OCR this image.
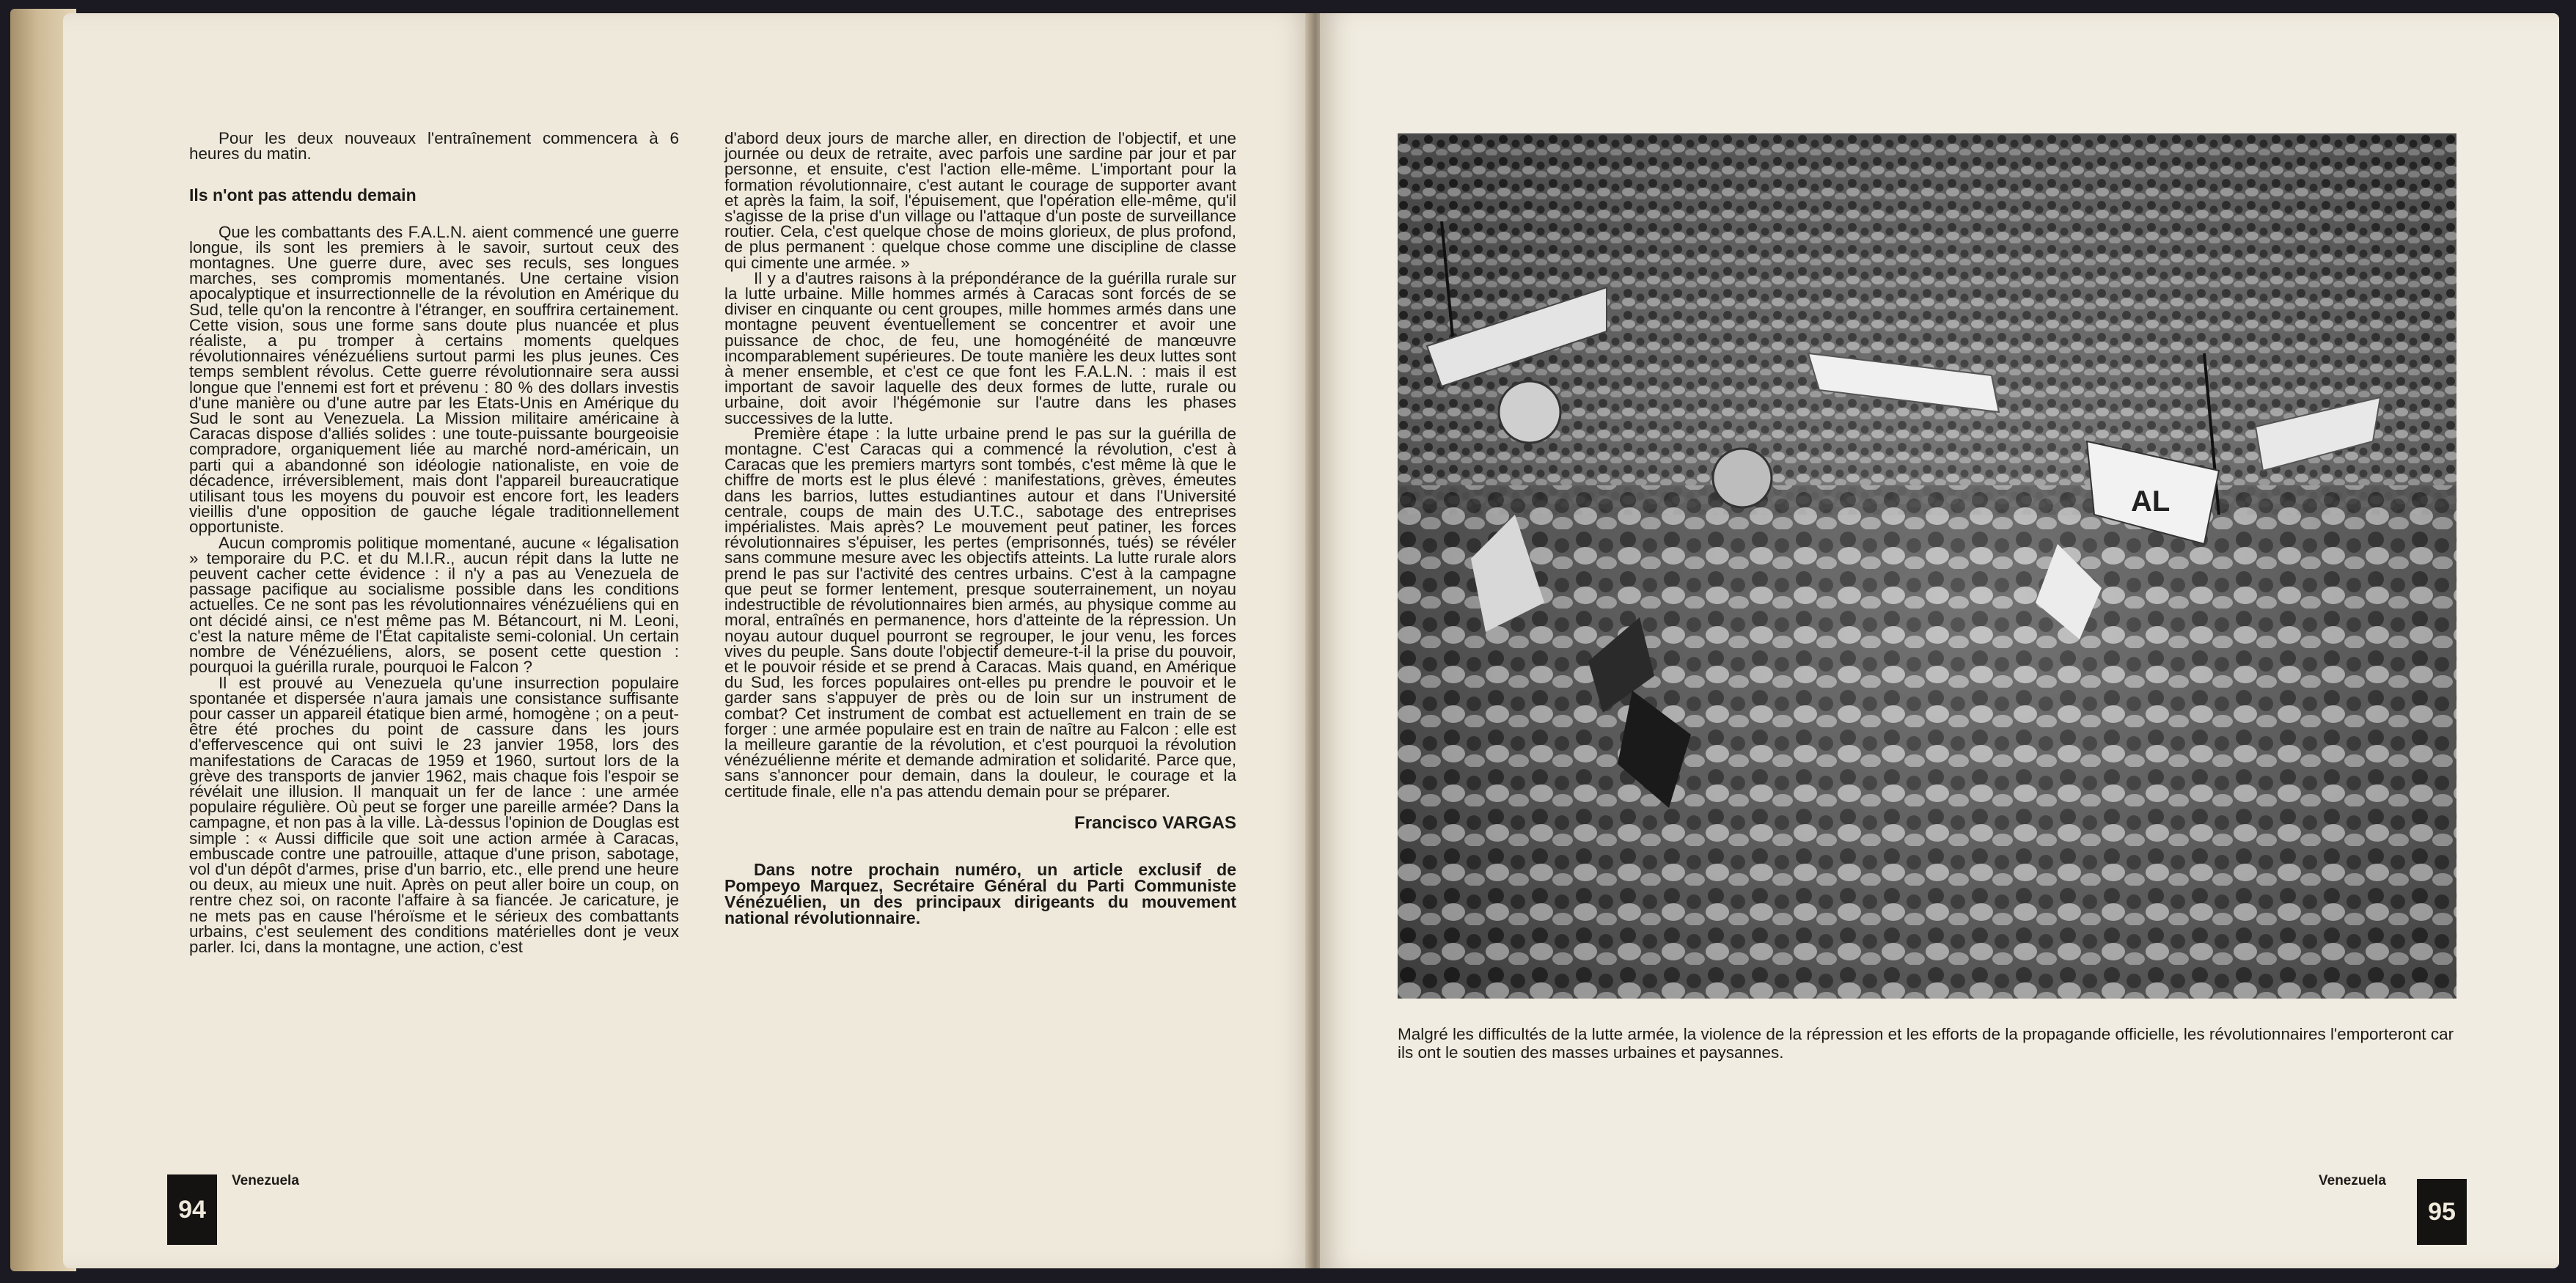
Pour les deux nouveaux l'entraînement commencera à 6 heures du matin.

Ils n'ont pas attendu demain

Que les combattants des F.A.L.N. aient commencé une guerre longue, ils sont les premiers à le savoir, surtout ceux des montagnes. Une guerre dure, avec ses reculs, ses longues marches, ses compromis momentanés. Une certaine vision apocalyptique et insurrectionnelle de la révolution en Amérique du Sud, telle qu'on la rencontre à l'étranger, en souffrira certainement. Cette vision, sous une forme sans doute plus nuancée et plus réaliste, a pu tromper à certains moments quelques révolutionnaires vénézuéliens surtout parmi les plus jeunes. Ces temps semblent révolus. Cette guerre révolutionnaire sera aussi longue que l'ennemi est fort et prévenu : 80 % des dollars investis d'une manière ou d'une autre par les Etats-Unis en Amérique du Sud le sont au Venezuela. La Mission militaire américaine à Caracas dispose d'alliés solides : une toute-puissante bourgeoisie compradore, organiquement liée au marché nord-américain, un parti qui a abandonné son idéologie nationaliste, en voie de décadence, irréversiblement, mais dont l'appareil bureaucratique utilisant tous les moyens du pouvoir est encore fort, les leaders vieillis d'une opposition de gauche légale traditionnellement opportuniste.

Aucun compromis politique momentané, aucune « légalisation » temporaire du P.C. et du M.I.R., aucun répit dans la lutte ne peuvent cacher cette évidence : il n'y a pas au Venezuela de passage pacifique au socialisme possible dans les conditions actuelles. Ce ne sont pas les révolutionnaires vénézuéliens qui en ont décidé ainsi, ce n'est même pas M. Bétancourt, ni M. Leoni, c'est la nature même de l'État capitaliste semi-colonial. Un certain nombre de Vénézuéliens, alors, se posent cette question : pourquoi la guérilla rurale, pourquoi le Falcon ?

Il est prouvé au Venezuela qu'une insurrection populaire spontanée et dispersée n'aura jamais une consistance suffisante pour casser un appareil étatique bien armé, homogène ; on a peut-être été proches du point de cassure dans les jours d'effervescence qui ont suivi le 23 janvier 1958, lors des manifestations de Caracas de 1959 et 1960, surtout lors de la grève des transports de janvier 1962, mais chaque fois l'espoir se révélait une illusion. Il manquait un fer de lance : une armée populaire régulière. Où peut se forger une pareille armée? Dans la campagne, et non pas à la ville. Là-dessus l'opinion de Douglas est simple : « Aussi difficile que soit une action armée à Caracas, embuscade contre une patrouille, attaque d'une prison, sabotage, vol d'un dépôt d'armes, prise d'un barrio, etc., elle prend une heure ou deux, au mieux une nuit. Après on peut aller boire un coup, on rentre chez soi, on raconte l'affaire à sa fiancée. Je caricature, je ne mets pas en cause l'héroïsme et le sérieux des combattants urbains, c'est seulement des conditions matérielles dont je veux parler. Ici, dans la montagne, une action, c'est

d'abord deux jours de marche aller, en direction de l'objectif, et une journée ou deux de retraite, avec parfois une sardine par jour et par personne, et ensuite, c'est l'action elle-même. L'important pour la formation révolutionnaire, c'est autant le courage de supporter avant et après la faim, la soif, l'épuisement, que l'opération elle-même, qu'il s'agisse de la prise d'un village ou l'attaque d'un poste de surveillance routier. Cela, c'est quelque chose de moins glorieux, de plus profond, de plus permanent : quelque chose comme une discipline de classe qui cimente une armée. »

Il y a d'autres raisons à la prépondérance de la guérilla rurale sur la lutte urbaine. Mille hommes armés à Caracas sont forcés de se diviser en cinquante ou cent groupes, mille hommes armés dans une montagne peuvent éventuellement se concentrer et avoir une puissance de choc, de feu, une homogénéité de manœuvre incomparablement supérieures. De toute manière les deux luttes sont à mener ensemble, et c'est ce que font les F.A.L.N. : mais il est important de savoir laquelle des deux formes de lutte, rurale ou urbaine, doit avoir l'hégémonie sur l'autre dans les phases successives de la lutte.

Première étape : la lutte urbaine prend le pas sur la guérilla de montagne. C'est Caracas qui a commencé la révolution, c'est à Caracas que les premiers martyrs sont tombés, c'est même là que le chiffre de morts est le plus élevé : manifestations, grèves, émeutes dans les barrios, luttes estudiantines autour et dans l'Université centrale, coups de main des U.T.C., sabotage des entreprises impérialistes. Mais après? Le mouvement peut patiner, les forces révolutionnaires s'épuiser, les pertes (emprisonnés, tués) se révéler sans commune mesure avec les objectifs atteints. La lutte rurale alors prend le pas sur l'activité des centres urbains. C'est à la campagne que peut se former lentement, presque souterrainement, un noyau indestructible de révolutionnaires bien armés, au physique comme au moral, entraînés en permanence, hors d'atteinte de la répression. Un noyau autour duquel pourront se regrouper, le jour venu, les forces vives du peuple. Sans doute l'objectif demeure-t-il la prise du pouvoir, et le pouvoir réside et se prend à Caracas. Mais quand, en Amérique du Sud, les forces populaires ont-elles pu prendre le pouvoir et le garder sans s'appuyer de près ou de loin sur un instrument de combat? Cet instrument de combat est actuellement en train de se forger : une armée populaire est en train de naître au Falcon : elle est la meilleure garantie de la révolution, et c'est pourquoi la révolution vénézuélienne mérite et demande admiration et solidarité. Parce que, sans s'annoncer pour demain, dans la douleur, le courage et la certitude finale, elle n'a pas attendu demain pour se préparer.

Francisco VARGAS

Dans notre prochain numéro, un article exclusif de Pompeyo Marquez, Secrétaire Général du Parti Communiste Vénézuélien, un des principaux dirigeants du mouvement national révolutionnaire.

94
Venezuela
AL
Malgré les difficultés de la lutte armée, la violence de la répression et les efforts de la propagande officielle, les révolutionnaires l'emporteront car ils ont le soutien des masses urbaines et paysannes.
Venezuela
95
